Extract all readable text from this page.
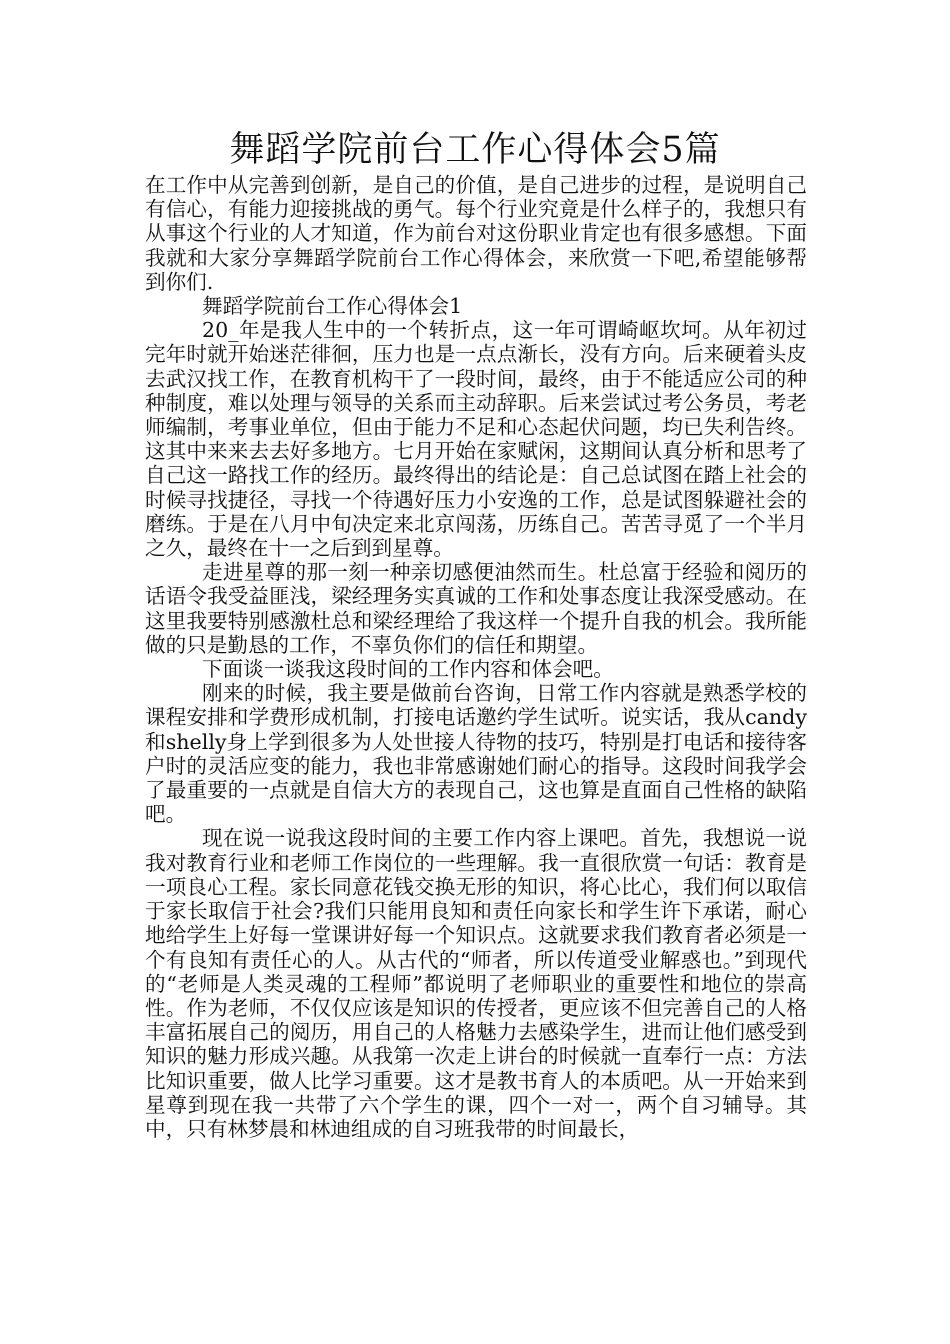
舞蹈学院前台工作心得体会5篇

在工作中从完善到创新，是自己的价值，是自己进步的过程，是说明自己有信心，有能力迎接挑战的勇气。每个行业究竟是什么样子的，我想只有从事这个行业的人才知道，作为前台对这份职业肯定也有很多感想。下面我就和大家分享舞蹈学院前台工作心得体会，来欣赏一下吧,希望能够帮到你们.

舞蹈学院前台工作心得体会1

20_年是我人生中的一个转折点，这一年可谓崎岖坎坷。从年初过完年时就开始迷茫徘徊，压力也是一点点渐长，没有方向。后来硬着头皮去武汉找工作，在教育机构干了一段时间，最终，由于不能适应公司的种种制度，难以处理与领导的关系而主动辞职。后来尝试过考公务员，考老师编制，考事业单位，但由于能力不足和心态起伏问题，均已失利告终。这其中来来去去好多地方。七月开始在家赋闲，这期间认真分析和思考了自己这一路找工作的经历。最终得出的结论是：自己总试图在踏上社会的时候寻找捷径，寻找一个待遇好压力小安逸的工作，总是试图躲避社会的磨练。于是在八月中旬决定来北京闯荡，历练自己。苦苦寻觅了一个半月之久，最终在十一之后到到星尊。

走进星尊的那一刻一种亲切感便油然而生。杜总富于经验和阅历的话语令我受益匪浅，梁经理务实真诚的工作和处事态度让我深受感动。在这里我要特别感激杜总和梁经理给了我这样一个提升自我的机会。我所能做的只是勤恳的工作，不辜负你们的信任和期望。

下面谈一谈我这段时间的工作内容和体会吧。

刚来的时候，我主要是做前台咨询，日常工作内容就是熟悉学校的课程安排和学费形成机制，打接电话邀约学生试听。说实话，我从candy和shelly身上学到很多为人处世接人待物的技巧，特别是打电话和接待客户时的灵活应变的能力，我也非常感谢她们耐心的指导。这段时间我学会了最重要的一点就是自信大方的表现自己，这也算是直面自己性格的缺陷吧。

现在说一说我这段时间的主要工作内容上课吧。首先，我想说一说我对教育行业和老师工作岗位的一些理解。我一直很欣赏一句话：教育是一项良心工程。家长同意花钱交换无形的知识，将心比心，我们何以取信于家长取信于社会?我们只能用良知和责任向家长和学生许下承诺，耐心地给学生上好每一堂课讲好每一个知识点。这就要求我们教育者必须是一个有良知有责任心的人。从古代的“师者，所以传道受业解惑也。”到现代的“老师是人类灵魂的工程师”都说明了老师职业的重要性和地位的崇高性。作为老师，不仅仅应该是知识的传授者，更应该不但完善自己的人格丰富拓展自己的阅历，用自己的人格魅力去感染学生，进而让他们感受到知识的魅力形成兴趣。从我第一次走上讲台的时候就一直奉行一点：方法比知识重要，做人比学习重要。这才是教书育人的本质吧。从一开始来到星尊到现在我一共带了六个学生的课，四个一对一，两个自习辅导。其中，只有林梦晨和林迪组成的自习班我带的时间最长，
